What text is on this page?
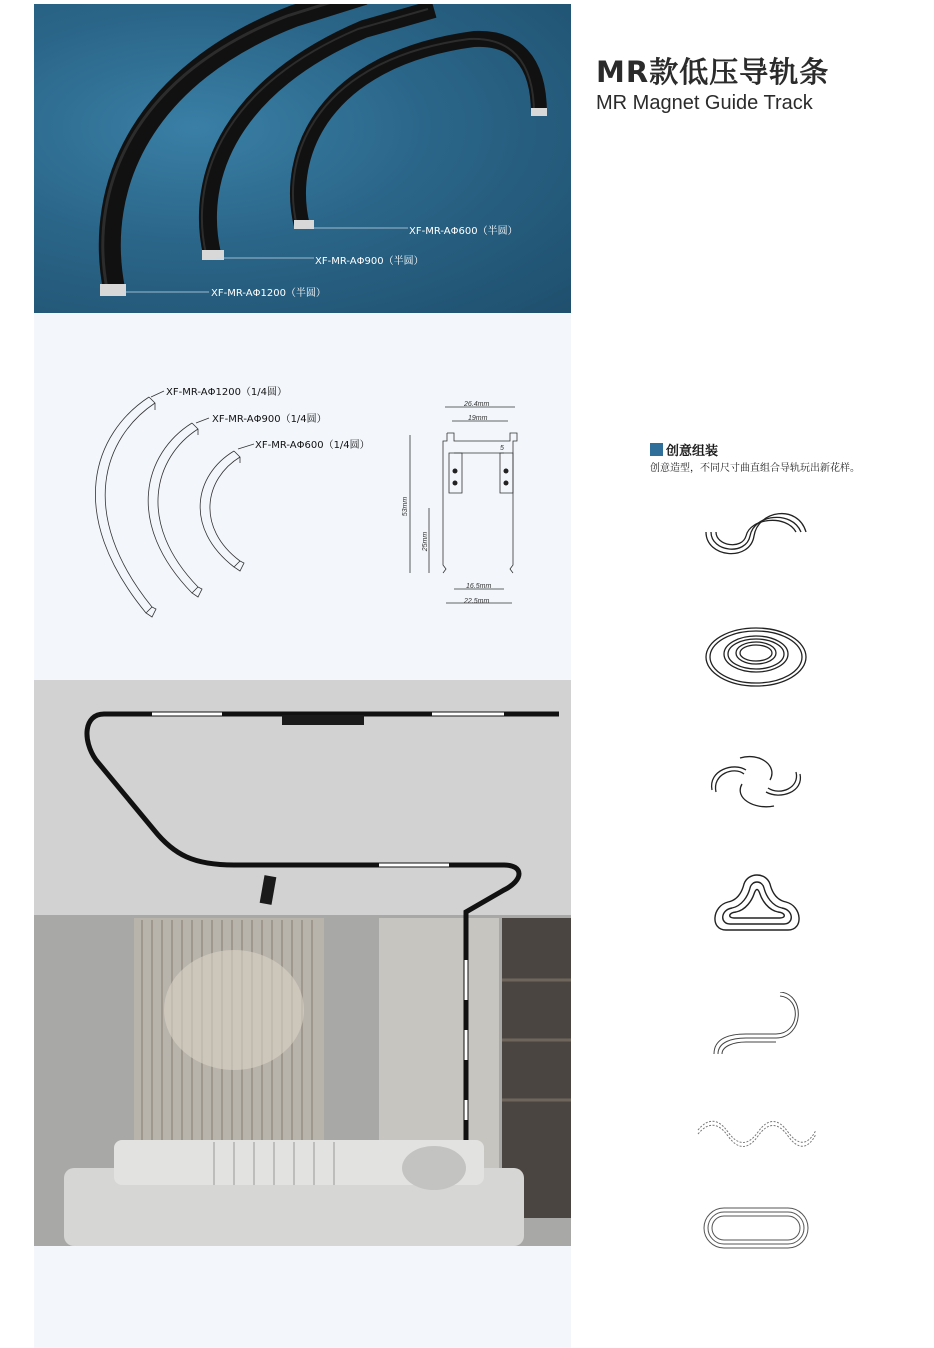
XF-MR-AΦ600（半圆）
XF-MR-AΦ900（半圆）
XF-MR-AΦ1200（半圆）
XF-MR-AΦ1200（1/4圆）
XF-MR-AΦ900（1/4圆）
XF-MR-AΦ600（1/4圆）
26.4mm
19mm
5
53mm
25mm
16.5mm
22.5mm
MR款低压导轨条
MR Magnet Guide Track
创意组装
创意造型，不同尺寸曲直组合导轨玩出新花样。
